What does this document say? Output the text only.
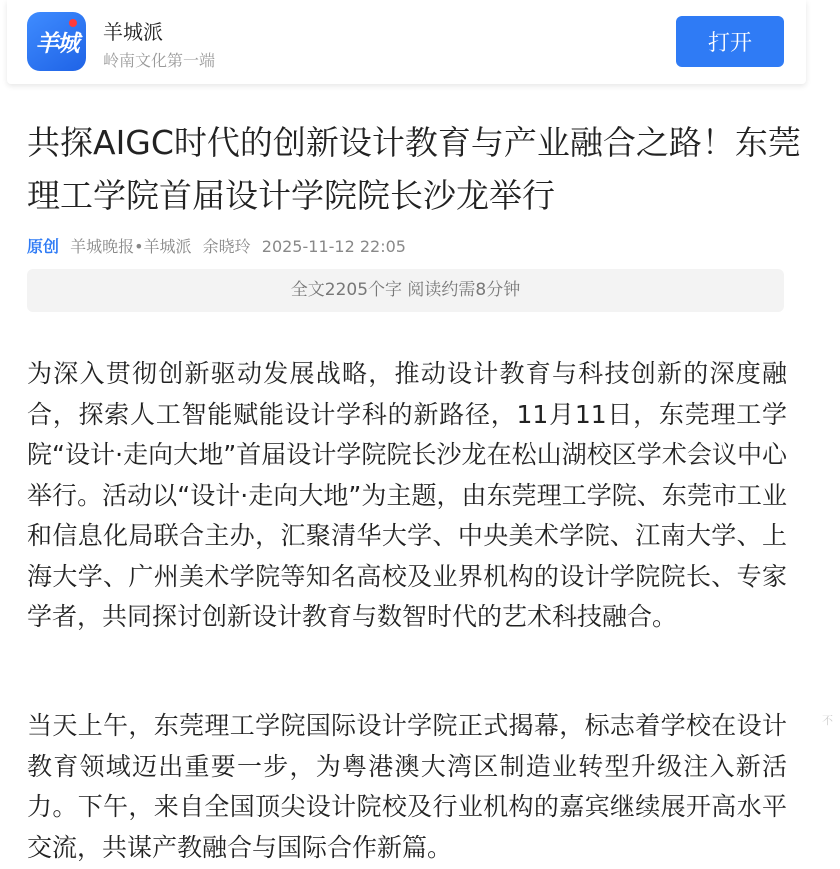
羊城	羊城派
岭南文化第一端
打开
共探AIGC时代的创新设计教育与产业融合之路！东莞理工学院首届设计学院院长沙龙举行
原创 羊城晚报•羊城派 余晓玲 2025-11-12 22:05
全文2205个字 阅读约需8分钟

为深入贯彻创新驱动发展战略，推动设计教育与科技创新的深度融合，探索人工智能赋能设计学科的新路径，11月11日，东莞理工学院“设计·走向大地”首届设计学院院长沙龙在松山湖校区学术会议中心举行。活动以“设计·走向大地”为主题，由东莞理工学院、东莞市工业和信息化局联合主办，汇聚清华大学、中央美术学院、江南大学、上海大学、广州美术学院等知名高校及业界机构的设计学院院长、专家学者，共同探讨创新设计教育与数智时代的艺术科技融合。

当天上午，东莞理工学院国际设计学院正式揭幕，标志着学校在设计教育领域迈出重要一步，为粤港澳大湾区制造业转型升级注入新活力。下午，来自全国顶尖设计院校及行业机构的嘉宾继续展开高水平交流，共谋产教融合与国际合作新篇。

不
